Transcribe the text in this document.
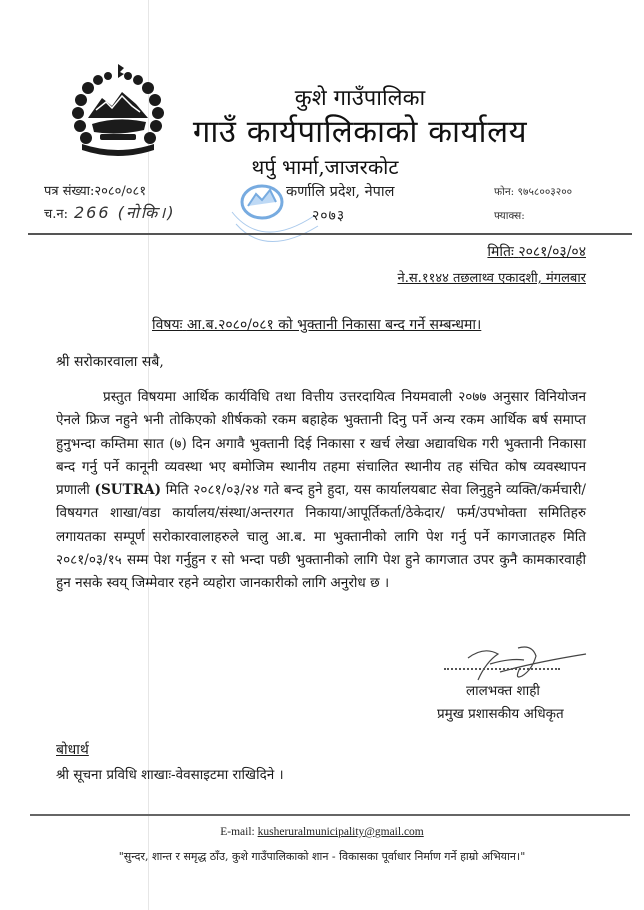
कुशे गाउँपालिका
गाउँ कार्यपालिकाको कार्यालय
थर्पु भार्मा,जाजरकोट
पत्र संख्या:२०८०/०८१
च.न: 266 (नोकि।)
कर्णालि प्रदेश, नेपाल
२०७३
फोन: ९७५८००३२००
फ्याक्स:
मितिः २०८१/०३/०४
ने.स.११४४ तछलाथ्व एकादशी, मंगलबार
विषयः आ.ब.२०८०/०८१ को भुक्तानी निकासा बन्द गर्ने सम्बन्धमा।
श्री सरोकारवाला सबै,
प्रस्तुत विषयमा आर्थिक कार्यविधि तथा वित्तीय उत्तरदायित्व नियमवाली २०७७ अनुसार विनियोजन ऐनले फ्रिज नहुने भनी तोकिएको शीर्षकको रकम बहाहेक भुक्तानी दिनु पर्ने अन्य रकम आर्थिक बर्ष समाप्त हुनुभन्दा कम्तिमा सात (७) दिन अगावै भुक्तानी दिई निकासा र खर्च लेखा अद्यावधिक गरी भुक्तानी निकासा बन्द गर्नु पर्ने कानूनी व्यवस्था भए बमोजिम स्थानीय तहमा संचालित स्थानीय तह संचित कोष व्यवस्थापन प्रणाली (SUTRA) मिति २०८१/०३/२४ गते बन्द हुने हुदा, यस कार्यालयबाट सेवा लिनुहुने व्यक्ति/कर्मचारी/विषयगत शाखा/वडा कार्यालय/संस्था/अन्तरगत निकाया/आपूर्तिकर्ता/ठेकेदार/ फर्म/उपभोक्ता समितिहरु लगायतका सम्पूर्ण सरोकारवालाहरुले चालु आ.ब. मा भुक्तानीको लागि पेश गर्नु पर्ने कागजातहरु मिति २०८१/०३/१५ सम्म पेश गर्नुहुन र सो भन्दा पछी भुक्तानीको लागि पेश हुने कागजात उपर कुनै कामकारवाही हुन नसके स्वय् जिम्मेवार रहने व्यहोरा जानकारीको लागि अनुरोध छ ।
लालभक्त शाही
प्रमुख प्रशासकीय अधिकृत
बोधार्थ
श्री सूचना प्रविधि शाखाः-वेवसाइटमा राखिदिने ।
E-mail: kusheruralmunicipality@gmail.com
"सुन्दर, शान्त र समृद्ध ठाँउ, कुशे गाउँपालिकाको शान - विकासका पूर्वाधार निर्माण गर्ने हाम्रो अभियान।"
